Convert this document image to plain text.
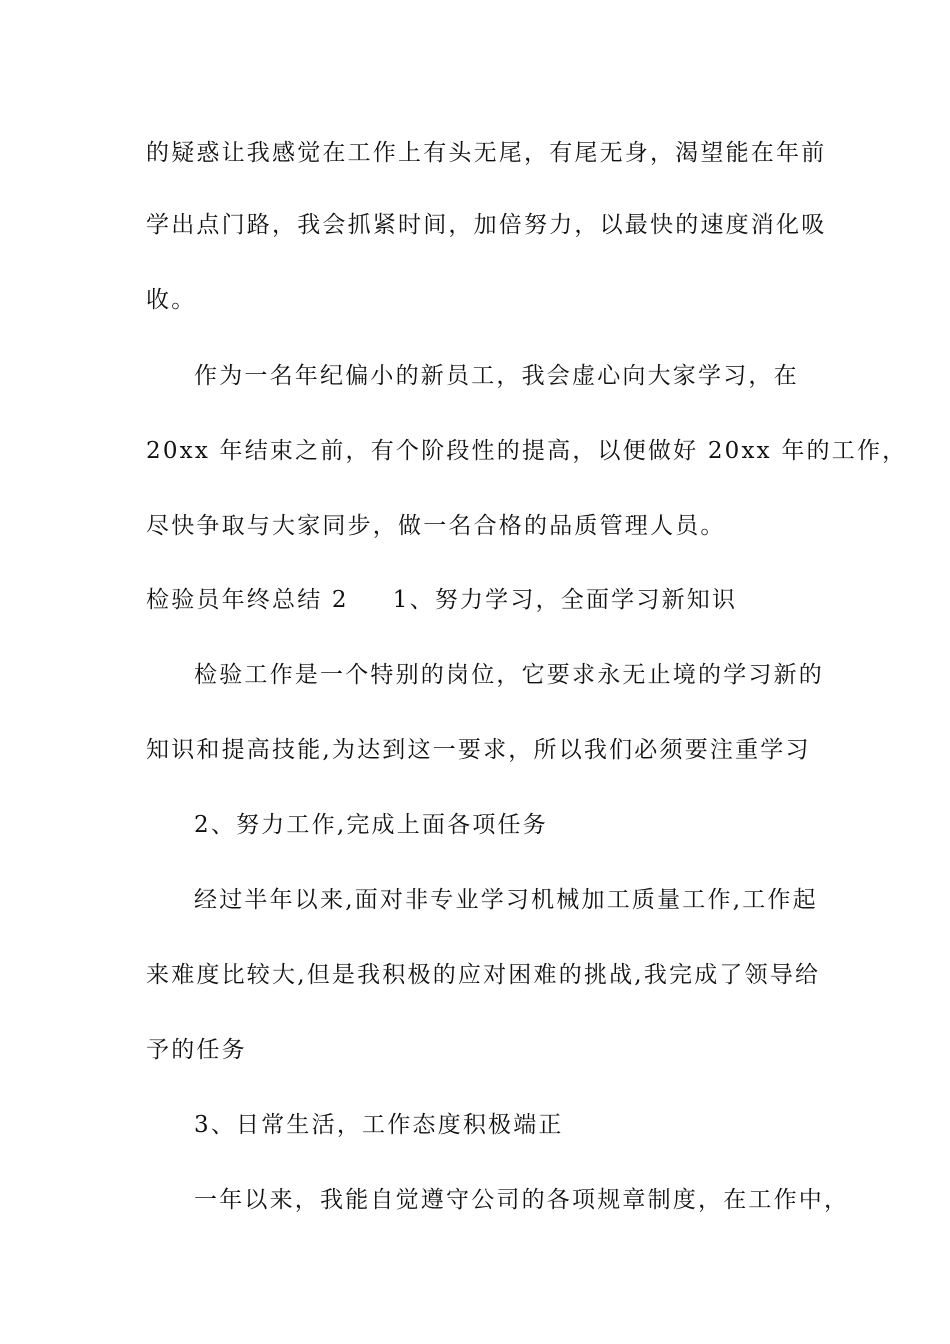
的疑惑让我感觉在工作上有头无尾，有尾无身，渴望能在年前
学出点门路，我会抓紧时间，加倍努力，以最快的速度消化吸
收。
作为一名年纪偏小的新员工，我会虚心向大家学习，在
20xx 年结束之前，有个阶段性的提高，以便做好 20xx 年的工作，
尽快争取与大家同步，做一名合格的品质管理人员。
检验员年终总结 2 1、努力学习，全面学习新知识
检验工作是一个特别的岗位，它要求永无止境的学习新的
知识和提高技能,为达到这一要求，所以我们必须要注重学习
2、努力工作,完成上面各项任务
经过半年以来,面对非专业学习机械加工质量工作,工作起
来难度比较大,但是我积极的应对困难的挑战,我完成了领导给
予的任务
3、日常生活，工作态度积极端正
一年以来，我能自觉遵守公司的各项规章制度，在工作中，
